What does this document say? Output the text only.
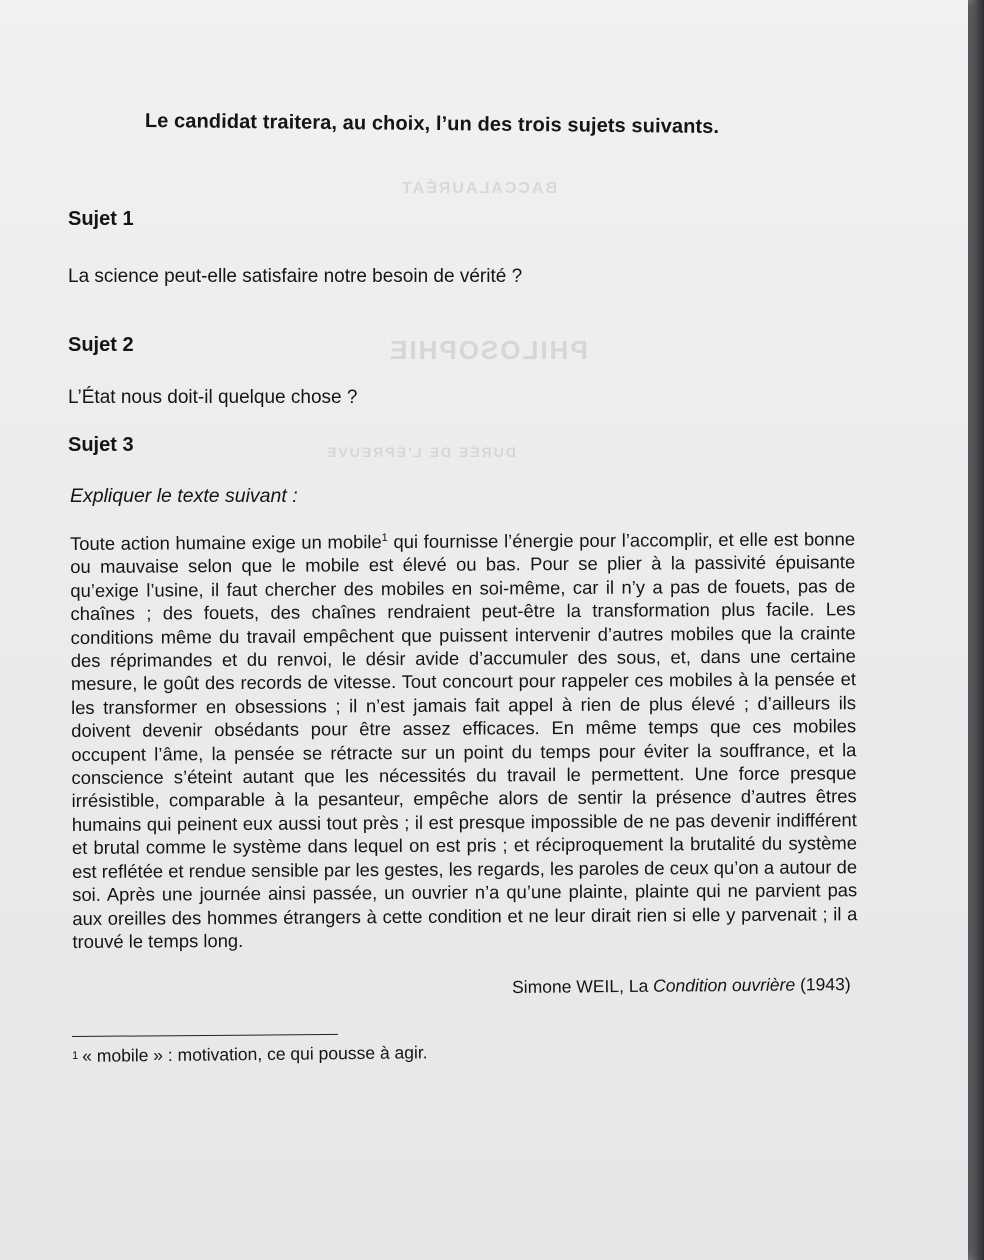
PHILOSOPHIE
BACCALAURÉAT
DURÉE DE L’ÉPREUVE
Le candidat traitera, au choix, l’un des trois sujets suivants.
Sujet 1
La science peut-elle satisfaire notre besoin de vérité ?
Sujet 2
L’État nous doit-il quelque chose ?
Sujet 3
Expliquer le texte suivant :
Toute action humaine exige un mobile$^1$ qui fournisse l’énergie pour l’accomplir, et elle est bonne ou mauvaise selon que le mobile est élevé ou bas. Pour se plier à la passivité épuisante qu’exige l’usine, il faut chercher des mobiles en soi-même, car il n’y a pas de fouets, pas de chaînes ; des fouets, des chaînes rendraient peut-être la transformation plus facile. Les conditions même du travail empêchent que puissent intervenir d’autres mobiles que la crainte des réprimandes et du renvoi, le désir avide d’accumuler des sous, et, dans une certaine mesure, le goût des records de vitesse. Tout concourt pour rappeler ces mobiles à la pensée et les transformer en obsessions ; il n’est jamais fait appel à rien de plus élevé ; d’ailleurs ils doivent devenir obsédants pour être assez efficaces. En même temps que ces mobiles occupent l’âme, la pensée se rétracte sur un point du temps pour éviter la souffrance, et la conscience s’éteint autant que les nécessités du travail le permettent. Une force presque irrésistible, comparable à la pesanteur, empêche alors de sentir la présence d’autres êtres humains qui peinent eux aussi tout près ; il est presque impossible de ne pas devenir indifférent et brutal comme le système dans lequel on est pris ; et réciproquement la brutalité du système est reflétée et rendue sensible par les gestes, les regards, les paroles de ceux qu’on a autour de soi. Après une journée ainsi passée, un ouvrier n’a qu’une plainte, plainte qui ne parvient pas aux oreilles des hommes étrangers à cette condition et ne leur dirait rien si elle y parvenait ; il a trouvé le temps long.
Simone WEIL, La Condition ouvrière (1943)
1 « mobile » : motivation, ce qui pousse à agir.
